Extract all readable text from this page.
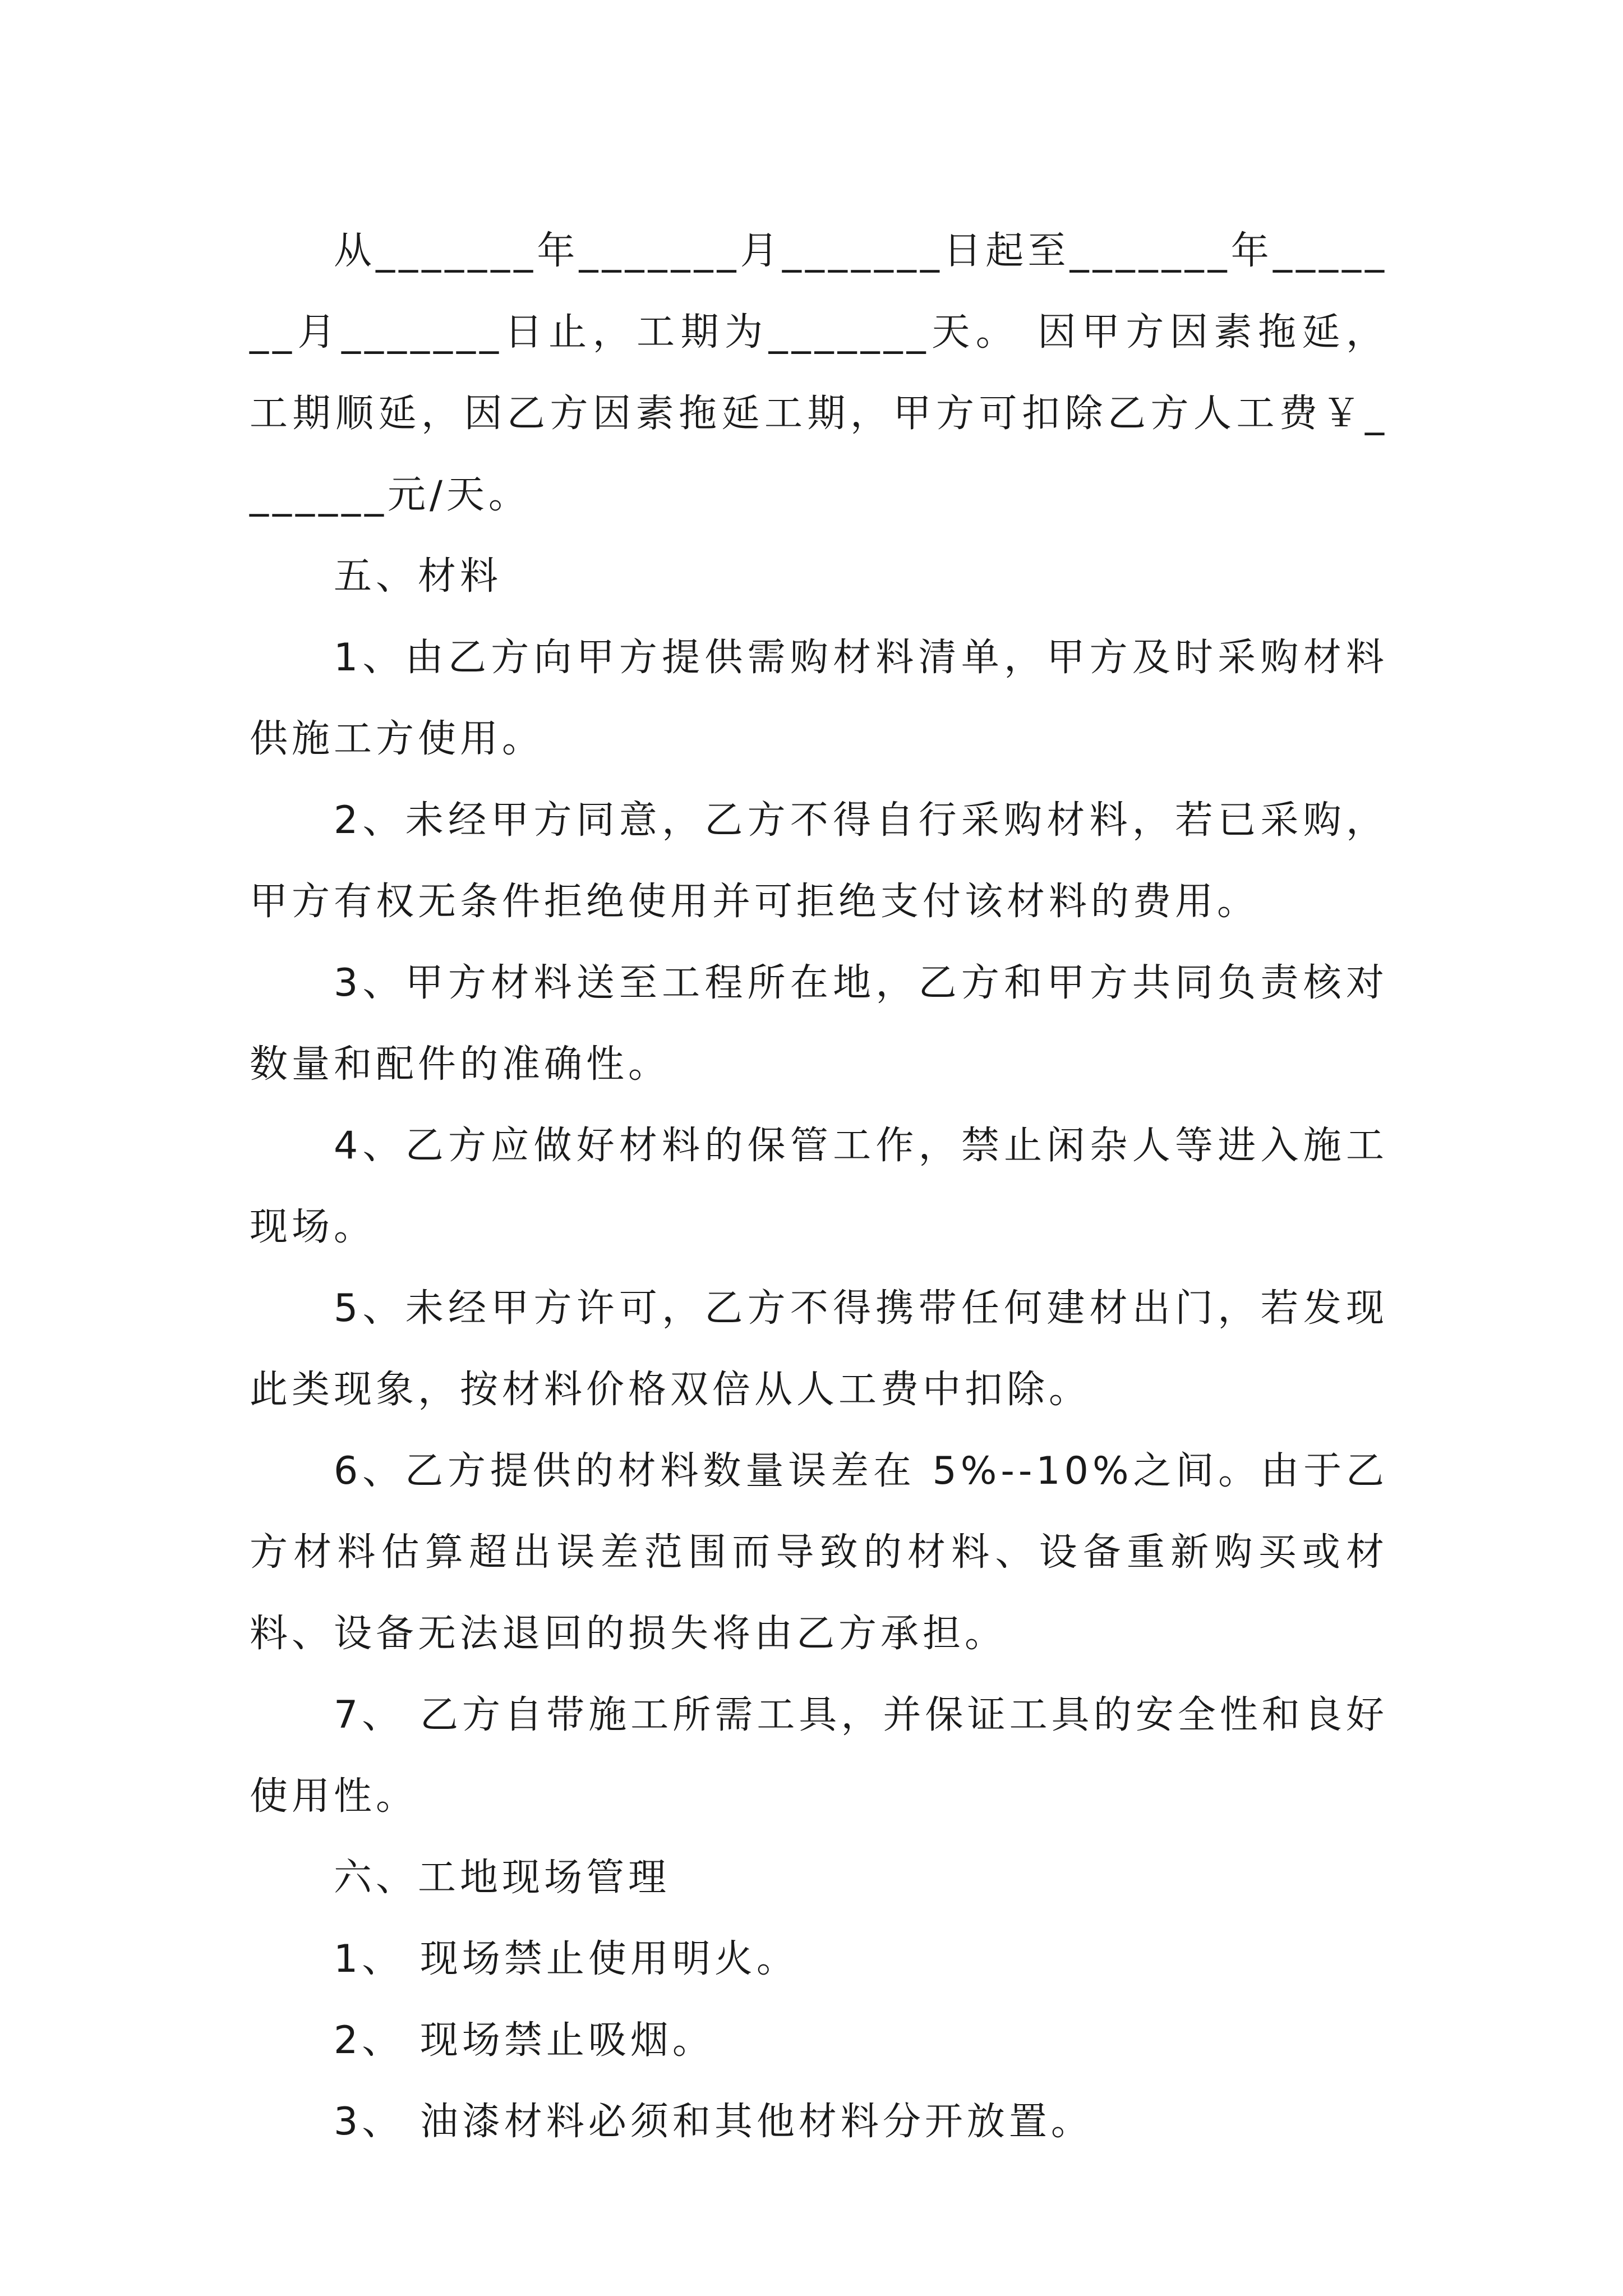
从_______年_______月_______日起至_______年_______月_______日止，工期为_______天。 因甲方因素拖延，工期顺延，因乙方因素拖延工期，甲方可扣除乙方人工费￥_______元/天。

五、材料

1、由乙方向甲方提供需购材料清单，甲方及时采购材料供施工方使用。

2、未经甲方同意，乙方不得自行采购材料，若已采购，甲方有权无条件拒绝使用并可拒绝支付该材料的费用。

3、甲方材料送至工程所在地，乙方和甲方共同负责核对数量和配件的准确性。

4、乙方应做好材料的保管工作，禁止闲杂人等进入施工现场。

5、未经甲方许可，乙方不得携带任何建材出门，若发现此类现象，按材料价格双倍从人工费中扣除。

6、乙方提供的材料数量误差在 5%--10%之间。由于乙方材料估算超出误差范围而导致的材料、设备重新购买或材料、设备无法退回的损失将由乙方承担。

7、 乙方自带施工所需工具，并保证工具的安全性和良好使用性。

六、工地现场管理

1、 现场禁止使用明火。

2、 现场禁止吸烟。

3、 油漆材料必须和其他材料分开放置。
